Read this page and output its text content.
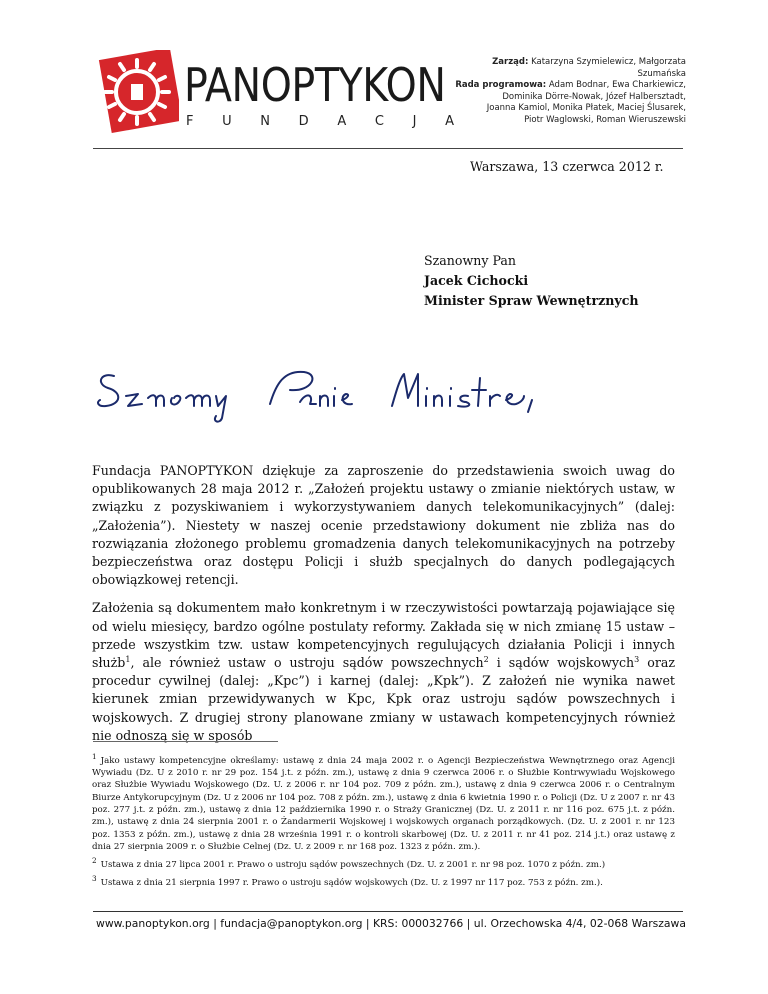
PANOPTYKON
F U N D A C J A
Zarząd: Katarzyna Szymielewicz, Małgorzata Szumańska
Rada programowa: Adam Bodnar, Ewa Charkiewicz,
Dominika Dörre-Nowak, Józef Halbersztadt,
Joanna Kamiol, Monika Płatek, Maciej Ślusarek,
Piotr Waglowski, Roman Wieruszewski
Warszawa, 13 czerwca 2012 r.
Szanowny Pan
Jacek Cichocki
Minister Spraw Wewnętrznych

Fundacja PANOPTYKON dziękuje za zaproszenie do przedstawienia swoich uwag do opublikowanych 28 maja 2012 r. „Założeń projektu ustawy o zmianie niektórych ustaw, w związku z pozyskiwaniem i wykorzystywaniem danych telekomunikacyjnych” (dalej: „Założenia”). Niestety w naszej ocenie przedstawiony dokument nie zbliża nas do rozwiązania złożonego problemu gromadzenia danych telekomunikacyjnych na potrzeby bezpieczeństwa oraz dostępu Policji i służb specjalnych do danych podlegających obowiązkowej retencji.

Założenia są dokumentem mało konkretnym i w rzeczywistości powtarzają pojawiające się od wielu miesięcy, bardzo ogólne postulaty reformy. Zakłada się w nich zmianę 15 ustaw – przede wszystkim tzw. ustaw kompetencyjnych regulujących działania Policji i innych służb$^1$, ale również ustaw o ustroju sądów powszechnych$^2$ i sądów wojskowych$^3$ oraz procedur cywilnej (dalej: „Kpc”) i karnej (dalej: „Kpk”). Z założeń nie wynika nawet kierunek zmian przewidywanych w Kpc, Kpk oraz ustroju sądów powszechnych i wojskowych. Z drugiej strony planowane zmiany w ustawach kompetencyjnych również nie odnoszą się w sposób

$^1$ Jako ustawy kompetencyjne określamy: ustawę z dnia 24 maja 2002 r. o Agencji Bezpieczeństwa Wewnętrznego oraz Agencji Wywiadu (Dz. U z 2010 r. nr 29 poz. 154 j.t. z późn. zm.), ustawę z dnia 9 czerwca 2006 r. o Służbie Kontrwywiadu Wojskowego oraz Służbie Wywiadu Wojskowego (Dz. U. z 2006 r. nr 104 poz. 709 z późn. zm.), ustawę z dnia 9 czerwca 2006 r. o Centralnym Biurze Antykorupcyjnym (Dz. U z 2006 nr 104 poz. 708 z późn. zm.), ustawę z dnia 6 kwietnia 1990 r. o Policji (Dz. U z 2007 r. nr 43 poz. 277 j.t. z późn. zm.), ustawę z dnia 12 października 1990 r. o Straży Granicznej (Dz. U. z 2011 r. nr 116 poz. 675 j.t. z późn. zm.), ustawę z dnia 24 sierpnia 2001 r. o Żandarmerii Wojskowej i wojskowych organach porządkowych. (Dz. U. z 2001 r. nr 123 poz. 1353 z późn. zm.), ustawę z dnia 28 września 1991 r. o kontroli skarbowej (Dz. U. z 2011 r. nr 41 poz. 214 j.t.) oraz ustawę z dnia 27 sierpnia 2009 r. o Służbie Celnej (Dz. U. z 2009 r. nr 168 poz. 1323 z późn. zm.).

$^2$ Ustawa z dnia 27 lipca 2001 r. Prawo o ustroju sądów powszechnych (Dz. U. z 2001 r. nr 98 poz. 1070 z późn. zm.)

$^3$ Ustawa z dnia 21 sierpnia 1997 r. Prawo o ustroju sądów wojskowych (Dz. U. z 1997 nr 117 poz. 753 z późn. zm.).

www.panoptykon.org | fundacja@panoptykon.org | KRS: 000032766 | ul. Orzechowska 4/4, 02-068 Warszawa
